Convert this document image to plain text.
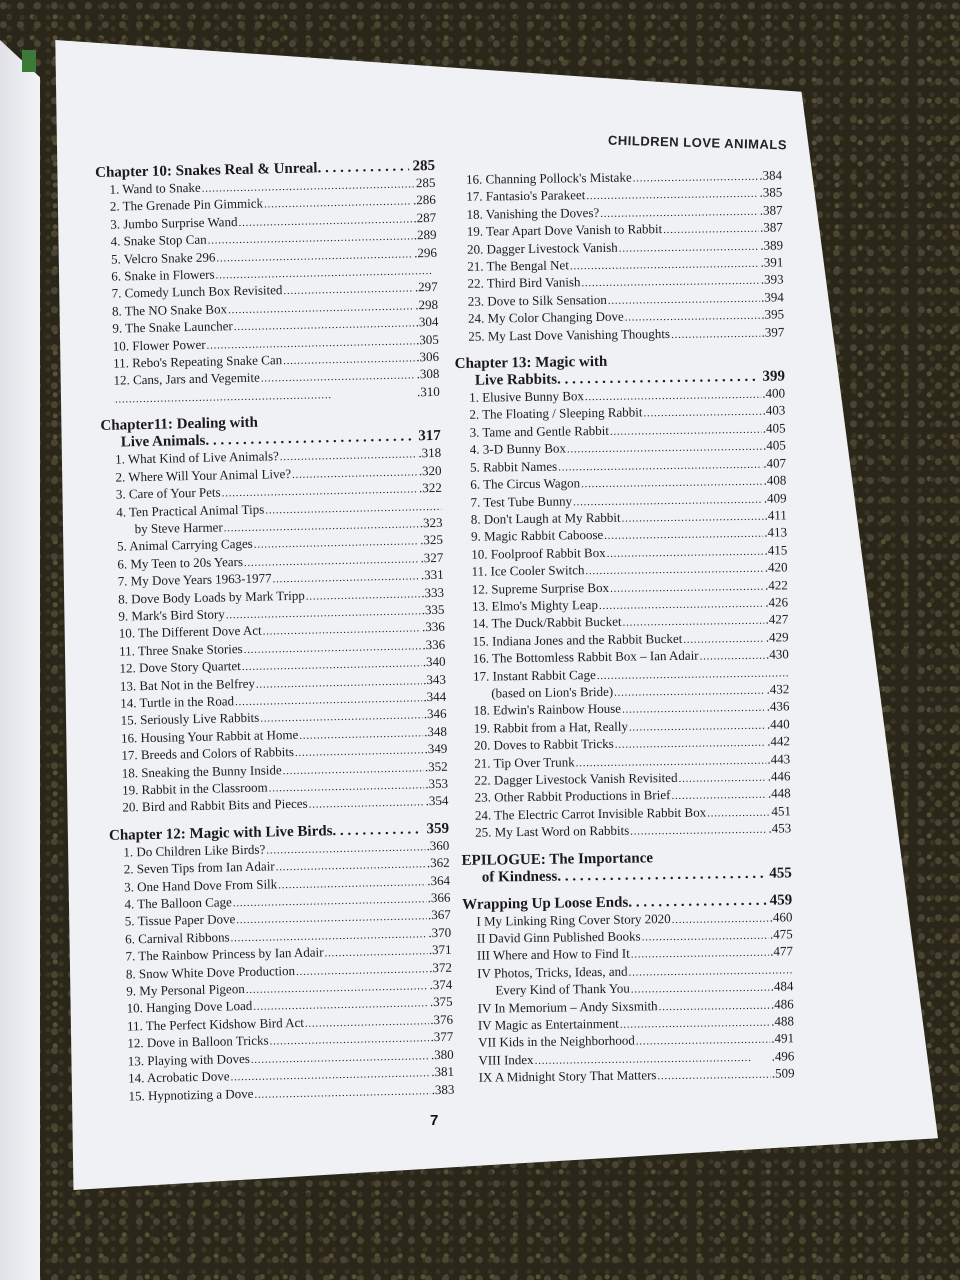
CHILDREN LOVE ANIMALS
Chapter 10: Snakes Real & Unreal . . .	285
1. Wand to Snake . . .	285
2. The Grenade Pin Gimmick . . .	.286
3. Jumbo Surprise Wand . . .	.287
4. Snake Stop Can . . .	.289
5. Velcro Snake 296 . . .	.296
6. Snake in Flowers
. . .
7. Comedy Lunch Box Revisited . . .	.297
8. The NO Snake Box . . .	.298
9. The Snake Launcher . . .	.304
10. Flower Power . . .	.305
11. Rebo's Repeating Snake Can . . .	.306
12. Cans, Jars and Vegemite . . .	.308
. . .
.310
Chapter11: Dealing with
Live Animals . . .	317
1. What Kind of Live Animals? . . .	.318
2. Where Will Your Animal Live? . . .	.320
3. Care of Your Pets . . .	.322
4. Ten Practical Animal Tips
. . .
by Steve Harmer . . .	.323
5. Animal Carrying Cages . . .	.325
6. My Teen to 20s Years . . .	.327
7. My Dove Years 1963-1977 . . .	.331
8. Dove Body Loads by Mark Tripp . . .	.333
9. Mark's Bird Story . . .	.335
10. The Different Dove Act . . .	.336
11. Three Snake Stories . . .	.336
12. Dove Story Quartet . . .	.340
13. Bat Not in the Belfrey . . .	.343
14. Turtle in the Road . . .	.344
15. Seriously Live Rabbits . . .	.346
16. Housing Your Rabbit at Home . . .	.348
17. Breeds and Colors of Rabbits . . .	.349
18. Sneaking the Bunny Inside . . .	.352
19. Rabbit in the Classroom . . .	.353
20. Bird and Rabbit Bits and Pieces . . .	.354
Chapter 12: Magic with Live Birds . . .	359
1. Do Children Like Birds? . . .	.360
2. Seven Tips from Ian Adair . . .	.362
3. One Hand Dove From Silk . . .	.364
4. The Balloon Cage . . .	.366
5. Tissue Paper Dove . . .	.367
6. Carnival Ribbons . . .	.370
7. The Rainbow Princess by Ian Adair . . .	.371
8. Snow White Dove Production . . .	.372
9. My Personal Pigeon . . .	.374
10. Hanging Dove Load . . .	.375
11. The Perfect Kidshow Bird Act . . .	.376
12. Dove in Balloon Tricks . . .	.377
13. Playing with Doves . . .	.380
14. Acrobatic Dove . . .	.381
15. Hypnotizing a Dove . . .	.383
16. Channing Pollock's Mistake . . .	.384
17. Fantasio's Parakeet . . .	.385
18. Vanishing the Doves? . . .	.387
19. Tear Apart Dove Vanish to Rabbit . . .	.387
20. Dagger Livestock Vanish . . .	.389
21. The Bengal Net . . .	.391
22. Third Bird Vanish . . .	.393
23. Dove to Silk Sensation . . .	.394
24. My Color Changing Dove . . .	.395
25. My Last Dove Vanishing Thoughts . . .	.397
Chapter 13: Magic with
Live Rabbits . . .	399
1. Elusive Bunny Box . . .	.400
2. The Floating / Sleeping Rabbit . . .	.403
3. Tame and Gentle Rabbit . . .	.405
4. 3-D Bunny Box . . .	.405
5. Rabbit Names . . .	.407
6. The Circus Wagon . . .	.408
7. Test Tube Bunny . . .	.409
8. Don't Laugh at My Rabbit . . .	.411
9. Magic Rabbit Caboose . . .	.413
10. Foolproof Rabbit Box . . .	.415
11. Ice Cooler Switch . . .	.420
12. Supreme Surprise Box . . .	.422
13. Elmo's Mighty Leap . . .	.426
14. The Duck/Rabbit Bucket . . .	.427
15. Indiana Jones and the Rabbit Bucket . . .	.429
16. The Bottomless Rabbit Box – Ian Adair . . .	.430
17. Instant Rabbit Cage
. . .
(based on Lion's Bride) . . .	.432
18. Edwin's Rainbow House . . .	.436
19. Rabbit from a Hat, Really . . .	.440
20. Doves to Rabbit Tricks . . .	.442
21. Tip Over Trunk . . .	.443
22. Dagger Livestock Vanish Revisited . . .	.446
23. Other Rabbit Productions in Brief . . .	.448
24. The Electric Carrot Invisible Rabbit Box . . .	451
25. My Last Word on Rabbits . . .	.453
EPILOGUE: The Importance
of Kindness . . .	455
Wrapping Up Loose Ends . . .	459
I My Linking Ring Cover Story 2020 . . .	.460
II David Ginn Published Books . . .	.475
III Where and How to Find It . . .	.477
IV Photos, Tricks, Ideas, and
. . .
Every Kind of Thank You . . .	.484
IV In Memorium – Andy Sixsmith . . .	.486
IV Magic as Entertainment . . .	.488
VII Kids in the Neighborhood . . .	.491
VIII Index . . .	.496
IX A Midnight Story That Matters . . .	.509
7
